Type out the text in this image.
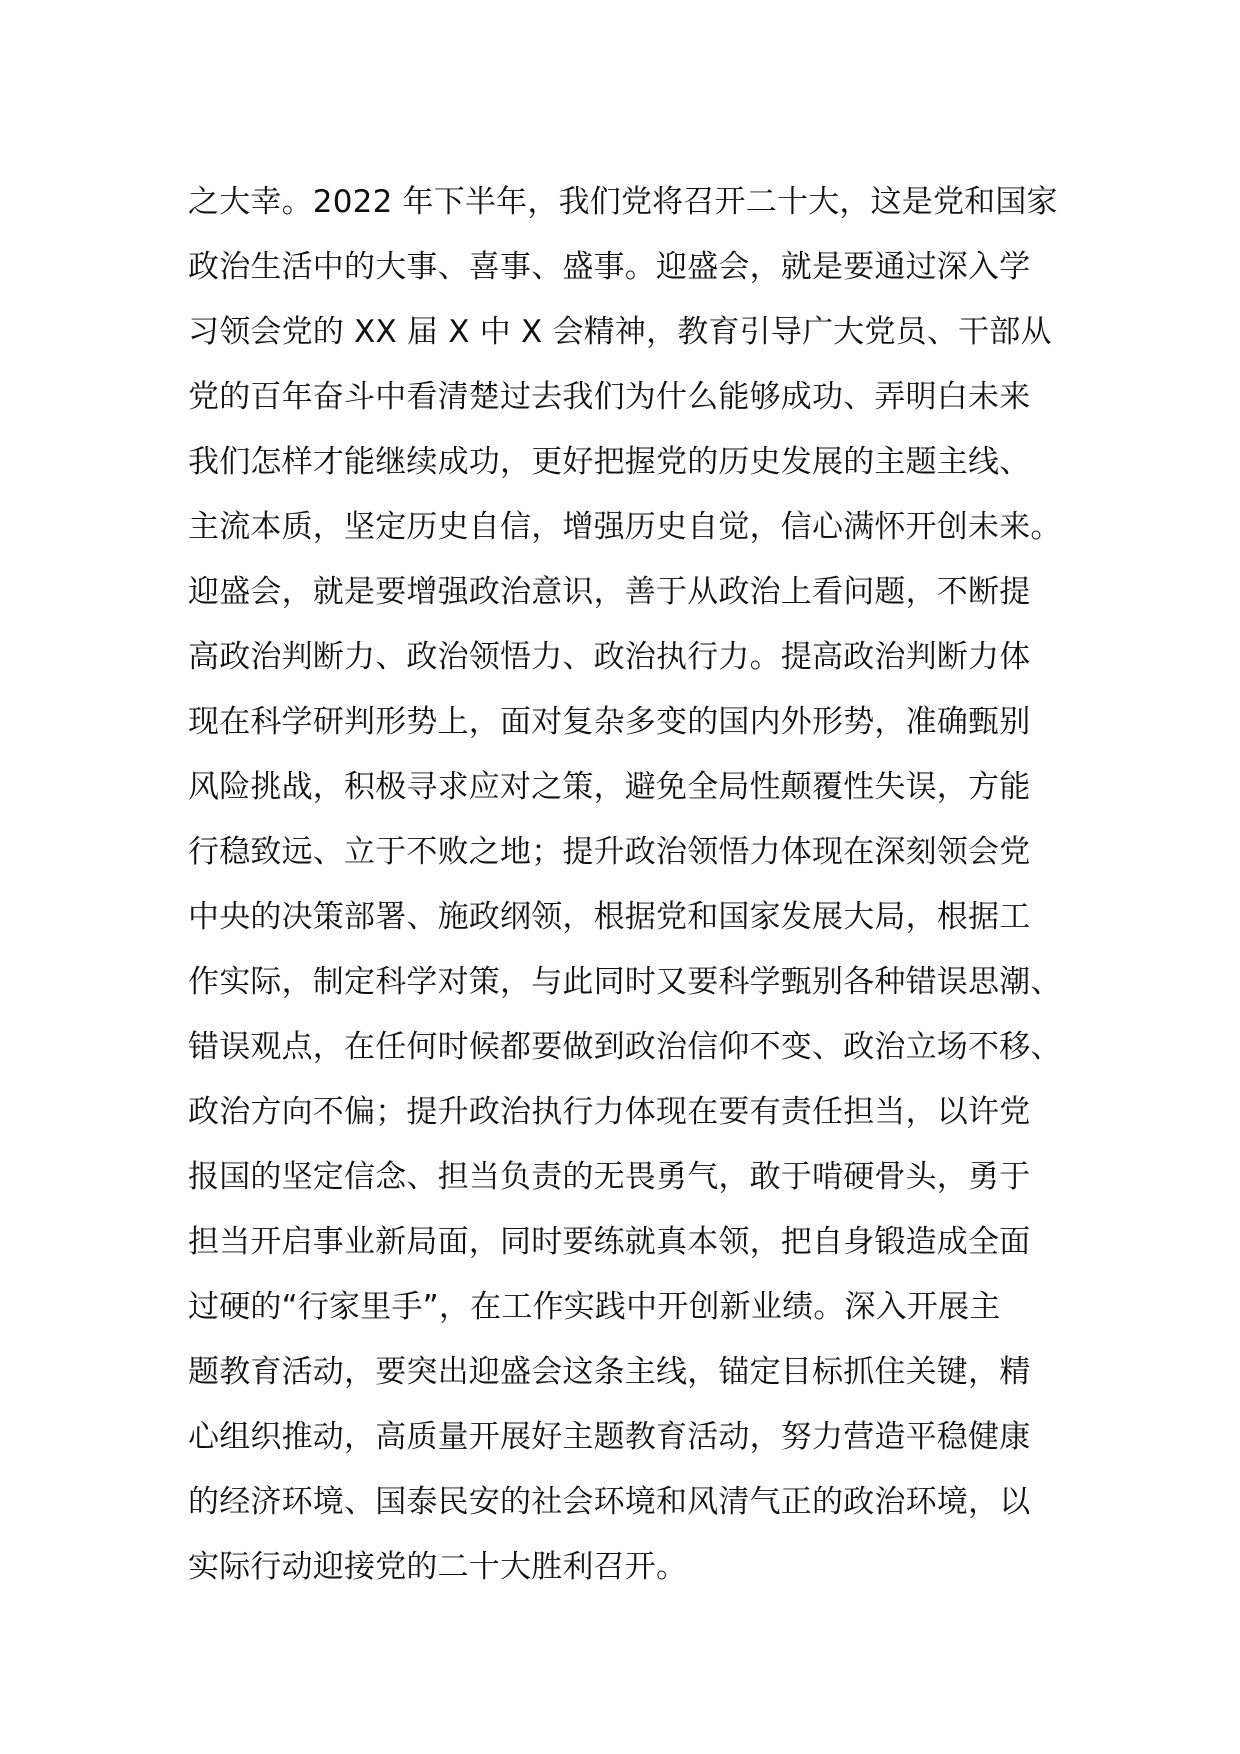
之大幸。2022 年下半年，我们党将召开二十大，这是党和国家
政治生活中的大事、喜事、盛事。迎盛会，就是要通过深入学
习领会党的 XX 届 X 中 X 会精神，教育引导广大党员、干部从
党的百年奋斗中看清楚过去我们为什么能够成功、弄明白未来
我们怎样才能继续成功，更好把握党的历史发展的主题主线、
主流本质，坚定历史自信，增强历史自觉，信心满怀开创未来。
迎盛会，就是要增强政治意识，善于从政治上看问题，不断提
高政治判断力、政治领悟力、政治执行力。提高政治判断力体
现在科学研判形势上，面对复杂多变的国内外形势，准确甄别
风险挑战，积极寻求应对之策，避免全局性颠覆性失误，方能
行稳致远、立于不败之地；提升政治领悟力体现在深刻领会党
中央的决策部署、施政纲领，根据党和国家发展大局，根据工
作实际，制定科学对策，与此同时又要科学甄别各种错误思潮、
错误观点，在任何时候都要做到政治信仰不变、政治立场不移、
政治方向不偏；提升政治执行力体现在要有责任担当，以许党
报国的坚定信念、担当负责的无畏勇气，敢于啃硬骨头，勇于
担当开启事业新局面，同时要练就真本领，把自身锻造成全面
过硬的“行家里手”，在工作实践中开创新业绩。深入开展主
题教育活动，要突出迎盛会这条主线，锚定目标抓住关键，精
心组织推动，高质量开展好主题教育活动，努力营造平稳健康
的经济环境、国泰民安的社会环境和风清气正的政治环境，以
实际行动迎接党的二十大胜利召开。
